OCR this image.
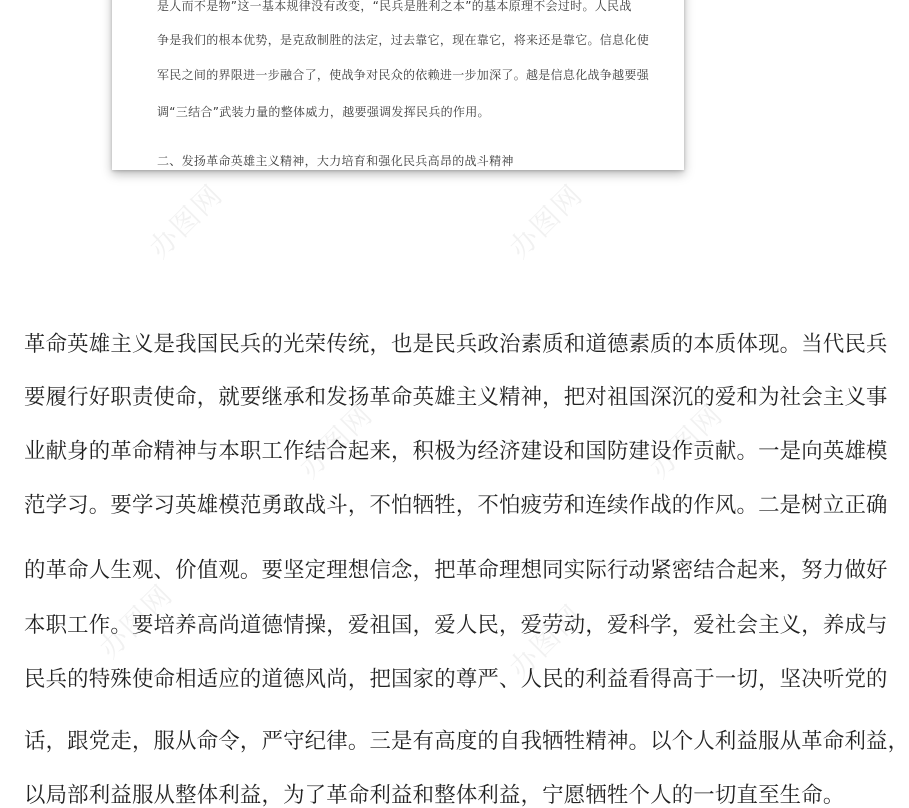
办图网	办图网
办图网	办图网
办图网	办图网
是人而不是物”这一基本规律没有改变，“民兵是胜利之本”的基本原理不会过时。人民战
争是我们的根本优势，是克敌制胜的法定，过去靠它，现在靠它，将来还是靠它。信息化使
军民之间的界限进一步融合了，使战争对民众的依赖进一步加深了。越是信息化战争越要强
调“三结合”武装力量的整体威力，越要强调发挥民兵的作用。
二、发扬革命英雄主义精神，大力培育和强化民兵高昂的战斗精神
革命英雄主义是我国民兵的光荣传统，也是民兵政治素质和道德素质的本质体现。当代民兵
要履行好职责使命，就要继承和发扬革命英雄主义精神，把对祖国深沉的爱和为社会主义事
业献身的革命精神与本职工作结合起来，积极为经济建设和国防建设作贡献。一是向英雄模
范学习。要学习英雄模范勇敢战斗，不怕牺牲，不怕疲劳和连续作战的作风。二是树立正确
的革命人生观、价值观。要坚定理想信念，把革命理想同实际行动紧密结合起来，努力做好
本职工作。要培养高尚道德情操，爱祖国，爱人民，爱劳动，爱科学，爱社会主义，养成与
民兵的特殊使命相适应的道德风尚，把国家的尊严、人民的利益看得高于一切，坚决听党的
话，跟党走，服从命令，严守纪律。三是有高度的自我牺牲精神。以个人利益服从革命利益，
以局部利益服从整体利益，为了革命利益和整体利益，宁愿牺牲个人的一切直至生命。
